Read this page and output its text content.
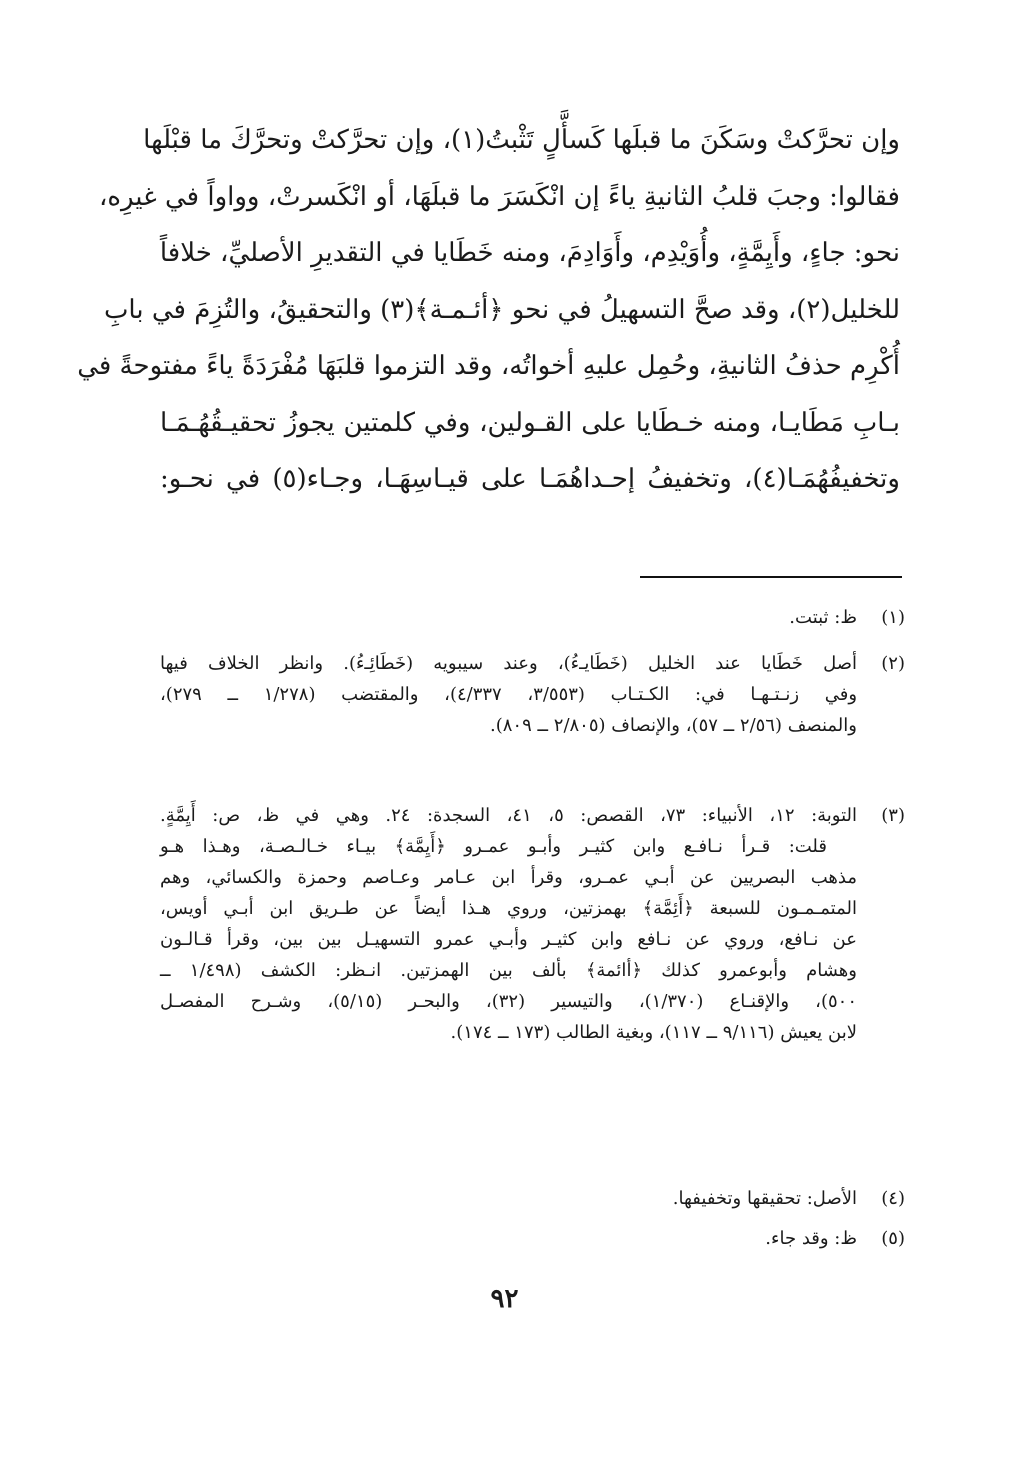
وإن تحرَّكتْ وسَكَنَ ما قبلَها كَسأَّلٍ تَثْبتُ(١)، وإن تحرَّكتْ وتحرَّكَ ما قبْلَها
فقالوا: وجبَ قلبُ الثانيةِ ياءً إن انْكَسَرَ ما قبلَهَا، أو انْكَسرتْ، وواواً في غيرِه،
نحو: جاءٍ، وأَيِمَّةٍ، وأُوَيْدِم، وأَوَادِمَ، ومنه خَطَايا في التقديرِ الأصليِّ، خلافاً
للخليل(٢)، وقد صحَّ التسهيلُ في نحو ﴿أئـمـة﴾(٣) والتحقيقُ، والتُزِمَ في بابِ
أُكْرِم حذفُ الثانيةِ، وحُمِل عليهِ أخواتُه، وقد التزموا قلبَهَا مُفْرَدَةً ياءً مفتوحةً في
بـابِ مَطَايـا، ومنه خـطَايا على القـولين، وفي كلمتين يجوزُ تحقيـقُهُـمَـا
وتخفيفُهُمَـا(٤)، وتخفيفُ إحـداهُمَـا على قيـاسِهَـا، وجـاء(٥) في نحـو:
(١)
ظ: ثبتت.
(٢)
أصل خَطَايا عند الخليل (خَطَايـءُ)، وعند سيبويه (خَطَائِـءُ). وانظر الخلاف فيها
وفي زنـتـهـا في: الكـتـاب (٣/٥٥٣، ٤/٣٣٧)، والمقتضب (١/٢٧٨ ــ ٢٧٩)،
والمنصف (٢/٥٦ ــ ٥٧)، والإنصاف (٢/٨٠٥ ــ ٨٠٩).
(٣)
التوبة: ١٢، الأنبياء: ٧٣، القصص: ٥، ٤١، السجدة: ٢٤. وهي في ظ، ص: أَيِمَّةٍ.
قلت: قـرأ نـافـع وابن كثيـر وأبـو عمـرو ﴿أَيِمَّة﴾ بيـاء خـالـصـة، وهـذا هـو
مذهب البصريين عن أبـي عمـرو، وقرأ ابن عـامر وعـاصم وحمزة والكسائي، وهم
المتمـمـون للسبعة ﴿أَئِمَّة﴾ بهمزتين، وروي هـذا أيضاً عن طـريق ابن أبـي أويس،
عن نـافع، وروي عن نـافع وابن كثيـر وأبـي عمرو التسهيـل بين بين، وقرأ قـالـون
وهشام وأبوعمرو كذلك ﴿أائمة﴾ بألف بين الهمزتين. انـظر: الكشف (١/٤٩٨ ــ
٥٠٠)، والإقنـاع (١/٣٧٠)، والتيسير (٣٢)، والبحـر (٥/١٥)، وشـرح المفصـل
لابن يعيش (٩/١١٦ ــ ١١٧)، وبغية الطالب (١٧٣ ــ ١٧٤).
(٤)
الأصل: تحقيقها وتخفيفها.
(٥)
ظ: وقد جاء.
٩٢
